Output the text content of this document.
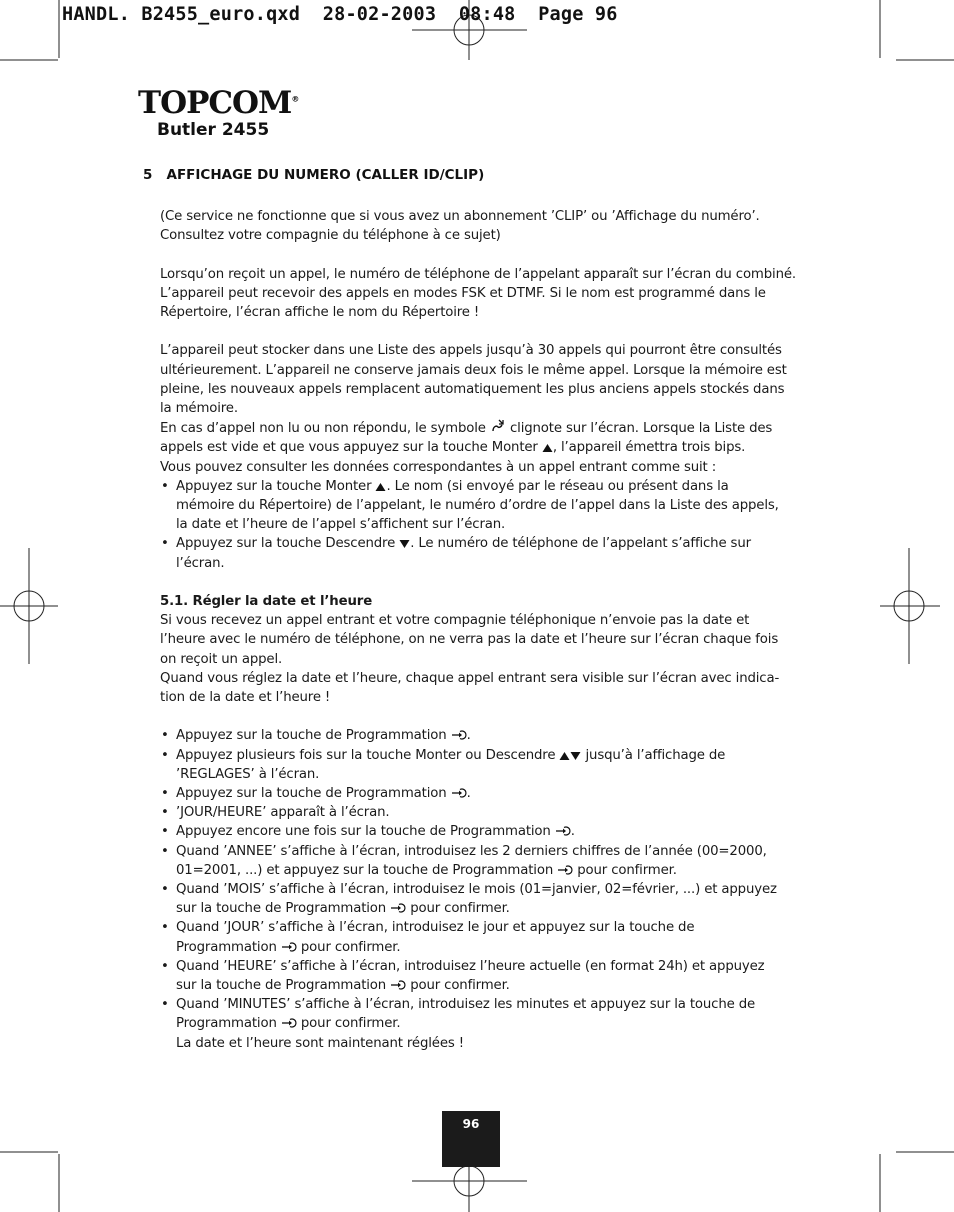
HANDL. B2455_euro.qxd  28-02-2003  08:48  Page 96
TOPCOM®
Butler 2455
5 AFFICHAGE DU NUMERO (CALLER ID/CLIP)

(Ce service ne fonctionne que si vous avez un abonnement ’CLIP’ ou ’Affichage du numéro’.

Consultez votre compagnie du téléphone à ce sujet)

Lorsqu’on reçoit un appel, le numéro de téléphone de l’appelant apparaît sur l’écran du combiné.

L’appareil peut recevoir des appels en modes FSK et DTMF. Si le nom est programmé dans le

Répertoire, l’écran affiche le nom du Répertoire !

L’appareil peut stocker dans une Liste des appels jusqu’à 30 appels qui pourront être consultés

ultérieurement. L’appareil ne conserve jamais deux fois le même appel. Lorsque la mémoire est

pleine, les nouveaux appels remplacent automatiquement les plus anciens appels stockés dans

la mémoire.

En cas d’appel non lu ou non répondu, le symbole clignote sur l’écran. Lorsque la Liste des

appels est vide et que vous appuyez sur la touche Monter , l’appareil émettra trois bips.

Vous pouvez consulter les données correspondantes à un appel entrant comme suit :

• Appuyez sur la touche Monter . Le nom (si envoyé par le réseau ou présent dans la
mémoire du Répertoire) de l’appelant, le numéro d’ordre de l’appel dans la Liste des appels,
la date et l’heure de l’appel s’affichent sur l’écran.
• Appuyez sur la touche Descendre . Le numéro de téléphone de l’appelant s’affiche sur
l’écran.

5.1. Régler la date et l’heure

Si vous recevez un appel entrant et votre compagnie téléphonique n’envoie pas la date et

l’heure avec le numéro de téléphone, on ne verra pas la date et l’heure sur l’écran chaque fois

on reçoit un appel.

Quand vous réglez la date et l’heure, chaque appel entrant sera visible sur l’écran avec indica-

tion de la date et l’heure !

• Appuyez sur la touche de Programmation .
• Appuyez plusieurs fois sur la touche Monter ou Descendre jusqu’à l’affichage de
’REGLAGES’ à l’écran.
• Appuyez sur la touche de Programmation .
• ’JOUR/HEURE’ apparaît à l’écran.
• Appuyez encore une fois sur la touche de Programmation .
• Quand ’ANNEE’ s’affiche à l’écran, introduisez les 2 derniers chiffres de l’année (00=2000,
01=2001, ...) et appuyez sur la touche de Programmation pour confirmer.
• Quand ’MOIS’ s’affiche à l’écran, introduisez le mois (01=janvier, 02=février, ...) et appuyez
sur la touche de Programmation pour confirmer.
• Quand ’JOUR’ s’affiche à l’écran, introduisez le jour et appuyez sur la touche de
Programmation pour confirmer.
• Quand ’HEURE’ s’affiche à l’écran, introduisez l’heure actuelle (en format 24h) et appuyez
sur la touche de Programmation pour confirmer.
• Quand ’MINUTES’ s’affiche à l’écran, introduisez les minutes et appuyez sur la touche de
Programmation pour confirmer.
La date et l’heure sont maintenant réglées !
96
